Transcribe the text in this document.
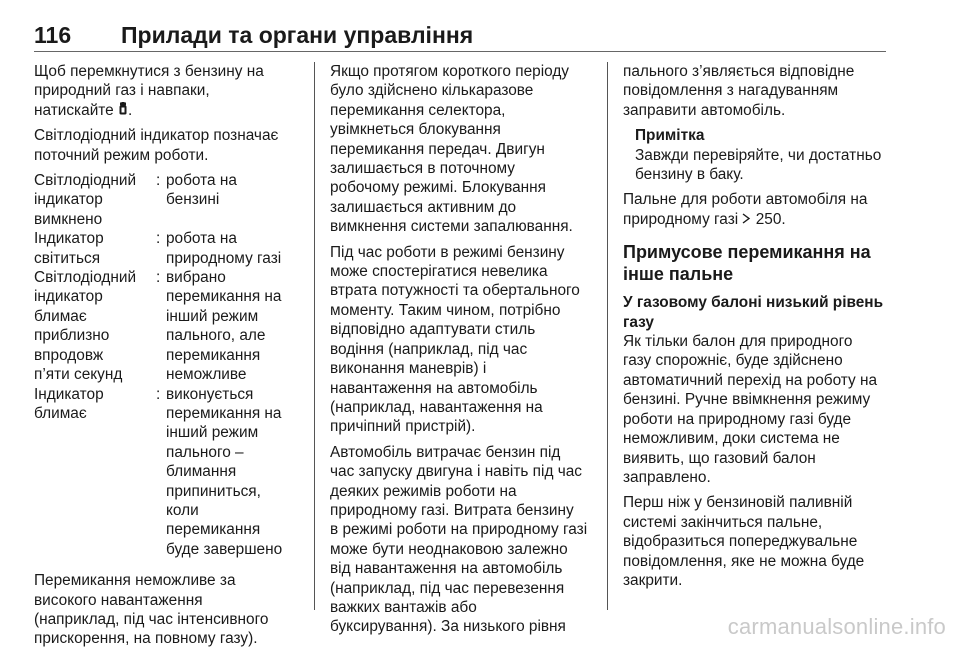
116 Прилади та органи управління

Щоб перемкнутися з бензину на
природний газ і навпаки,
натискайте .

Світлодіодний індикатор позначає
поточний режим роботи.

Світлодіодний
індикатор
вимкнено
: робота на
бензині
Індикатор
світиться
: робота на
природному газі
Світлодіодний
індикатор
блимає
приблизно
впродовж
п’яти секунд
: вибрано
перемикання на
інший режим
пального, але
перемикання
неможливе
Індикатор
блимає
: виконується
перемикання на
інший режим
пального –
блимання
припиниться,
коли
перемикання
буде завершено

Перемикання неможливе за
високого навантаження
(наприклад, під час інтенсивного
прискорення, на повному газу).

Якщо протягом короткого періоду
було здійснено кількаразове
перемикання селектора,
увімкнеться блокування
перемикання передач. Двигун
залишається в поточному
робочому режимі. Блокування
залишається активним до
вимкнення системи запалювання.

Під час роботи в режимі бензину
може спостерігатися невелика
втрата потужності та обертального
моменту. Таким чином, потрібно
відповідно адаптувати стиль
водіння (наприклад, під час
виконання маневрів) і
навантаження на автомобіль
(наприклад, навантаження на
причіпний пристрій).

Автомобіль витрачає бензин під
час запуску двигуна і навіть під час
деяких режимів роботи на
природному газі. Витрата бензину
в режимі роботи на природному газі
може бути неоднаковою залежно
від навантаження на автомобіль
(наприклад, під час перевезення
важких вантажів або
буксирування). За низького рівня

пального з’являється відповідне
повідомлення з нагадуванням
заправити автомобіль.

Примітка
Завжди перевіряйте, чи достатньо
бензину в баку.

Пальне для роботи автомобіля на
природному газі 250.

Примусове перемикання на
інше пальне
У газовому балоні низький рівень
газу

Як тільки балон для природного
газу спорожніє, буде здійснено
автоматичний перехід на роботу на
бензині. Ручне ввімкнення режиму
роботи на природному газі буде
неможливим, доки система не
виявить, що газовий балон
заправлено.

Перш ніж у бензиновій паливній
системі закінчиться пальне,
відобразиться попереджувальне
повідомлення, яке не можна буде
закрити.

carmanualsonline.info
